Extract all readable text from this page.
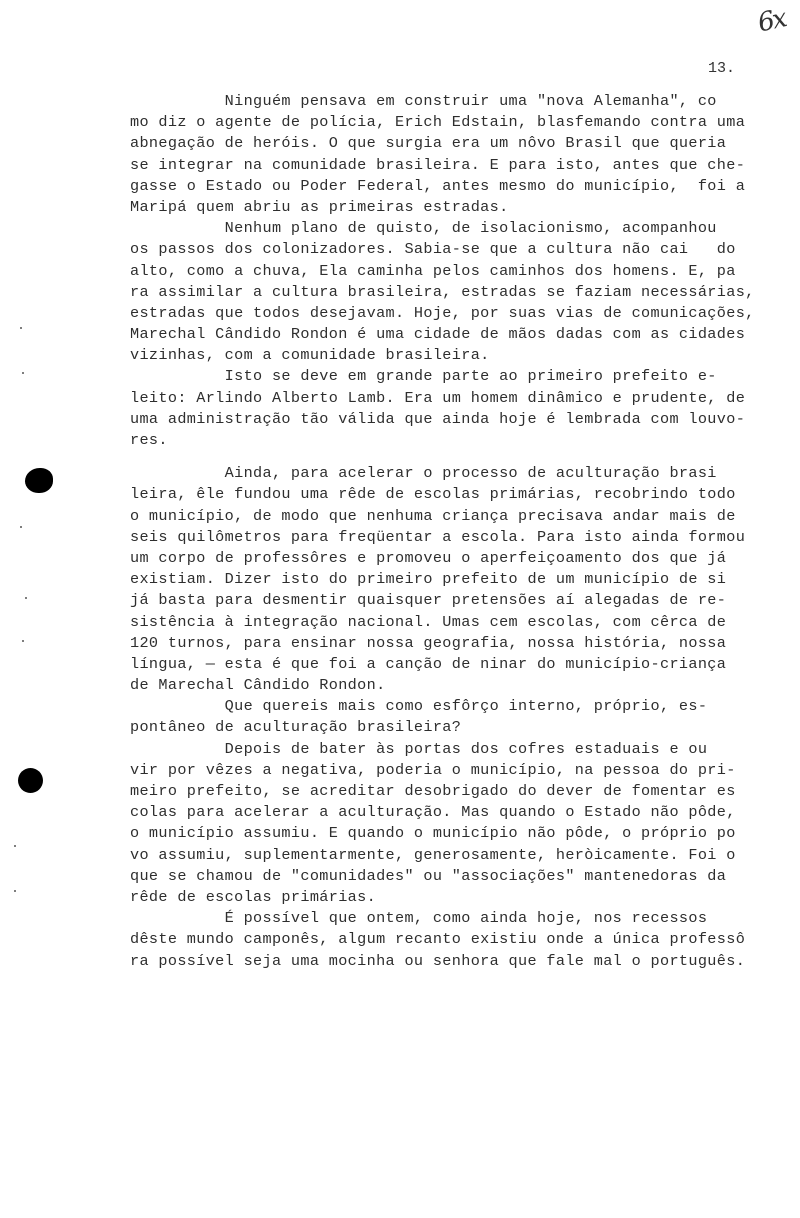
6x
13.
Ninguém pensava em construir uma "nova Alemanha", co
mo diz o agente de polícia, Erich Edstain, blasfemando contra uma
abnegação de heróis. O que surgia era um nôvo Brasil que queria
se integrar na comunidade brasileira. E para isto, antes que che-
gasse o Estado ou Poder Federal, antes mesmo do município,  foi a
Maripá quem abriu as primeiras estradas.
Nenhum plano de quisto, de isolacionismo, acompanhou
os passos dos colonizadores. Sabia-se que a cultura não cai   do
alto, como a chuva, Ela caminha pelos caminhos dos homens. E, pa
ra assimilar a cultura brasileira, estradas se faziam necessárias,
estradas que todos desejavam. Hoje, por suas vias de comunicações,
Marechal Cândido Rondon é uma cidade de mãos dadas com as cidades
vizinhas, com a comunidade brasileira.
Isto se deve em grande parte ao primeiro prefeito e-
leito: Arlindo Alberto Lamb. Era um homem dinâmico e prudente, de
uma administração tão válida que ainda hoje é lembrada com louvo-
res.
Ainda, para acelerar o processo de aculturação brasi
leira, êle fundou uma rêde de escolas primárias, recobrindo todo
o município, de modo que nenhuma criança precisava andar mais de
seis quilômetros para freqüentar a escola. Para isto ainda formou
um corpo de professôres e promoveu o aperfeiçoamento dos que já
existiam. Dizer isto do primeiro prefeito de um município de si
já basta para desmentir quaisquer pretensões aí alegadas de re-
sistência à integração nacional. Umas cem escolas, com cêrca de
120 turnos, para ensinar nossa geografia, nossa história, nossa
língua, — esta é que foi a canção de ninar do município-criança
de Marechal Cândido Rondon.
Que quereis mais como esfôrço interno, próprio, es-
pontâneo de aculturação brasileira?
Depois de bater às portas dos cofres estaduais e ou
vir por vêzes a negativa, poderia o município, na pessoa do pri-
meiro prefeito, se acreditar desobrigado do dever de fomentar es
colas para acelerar a aculturação. Mas quando o Estado não pôde,
o município assumiu. E quando o município não pôde, o próprio po
vo assumiu, suplementarmente, generosamente, heròicamente. Foi o
que se chamou de "comunidades" ou "associações" mantenedoras da
rêde de escolas primárias.
É possível que ontem, como ainda hoje, nos recessos
dêste mundo camponês, algum recanto existiu onde a única professô
ra possível seja uma mocinha ou senhora que fale mal o português.
